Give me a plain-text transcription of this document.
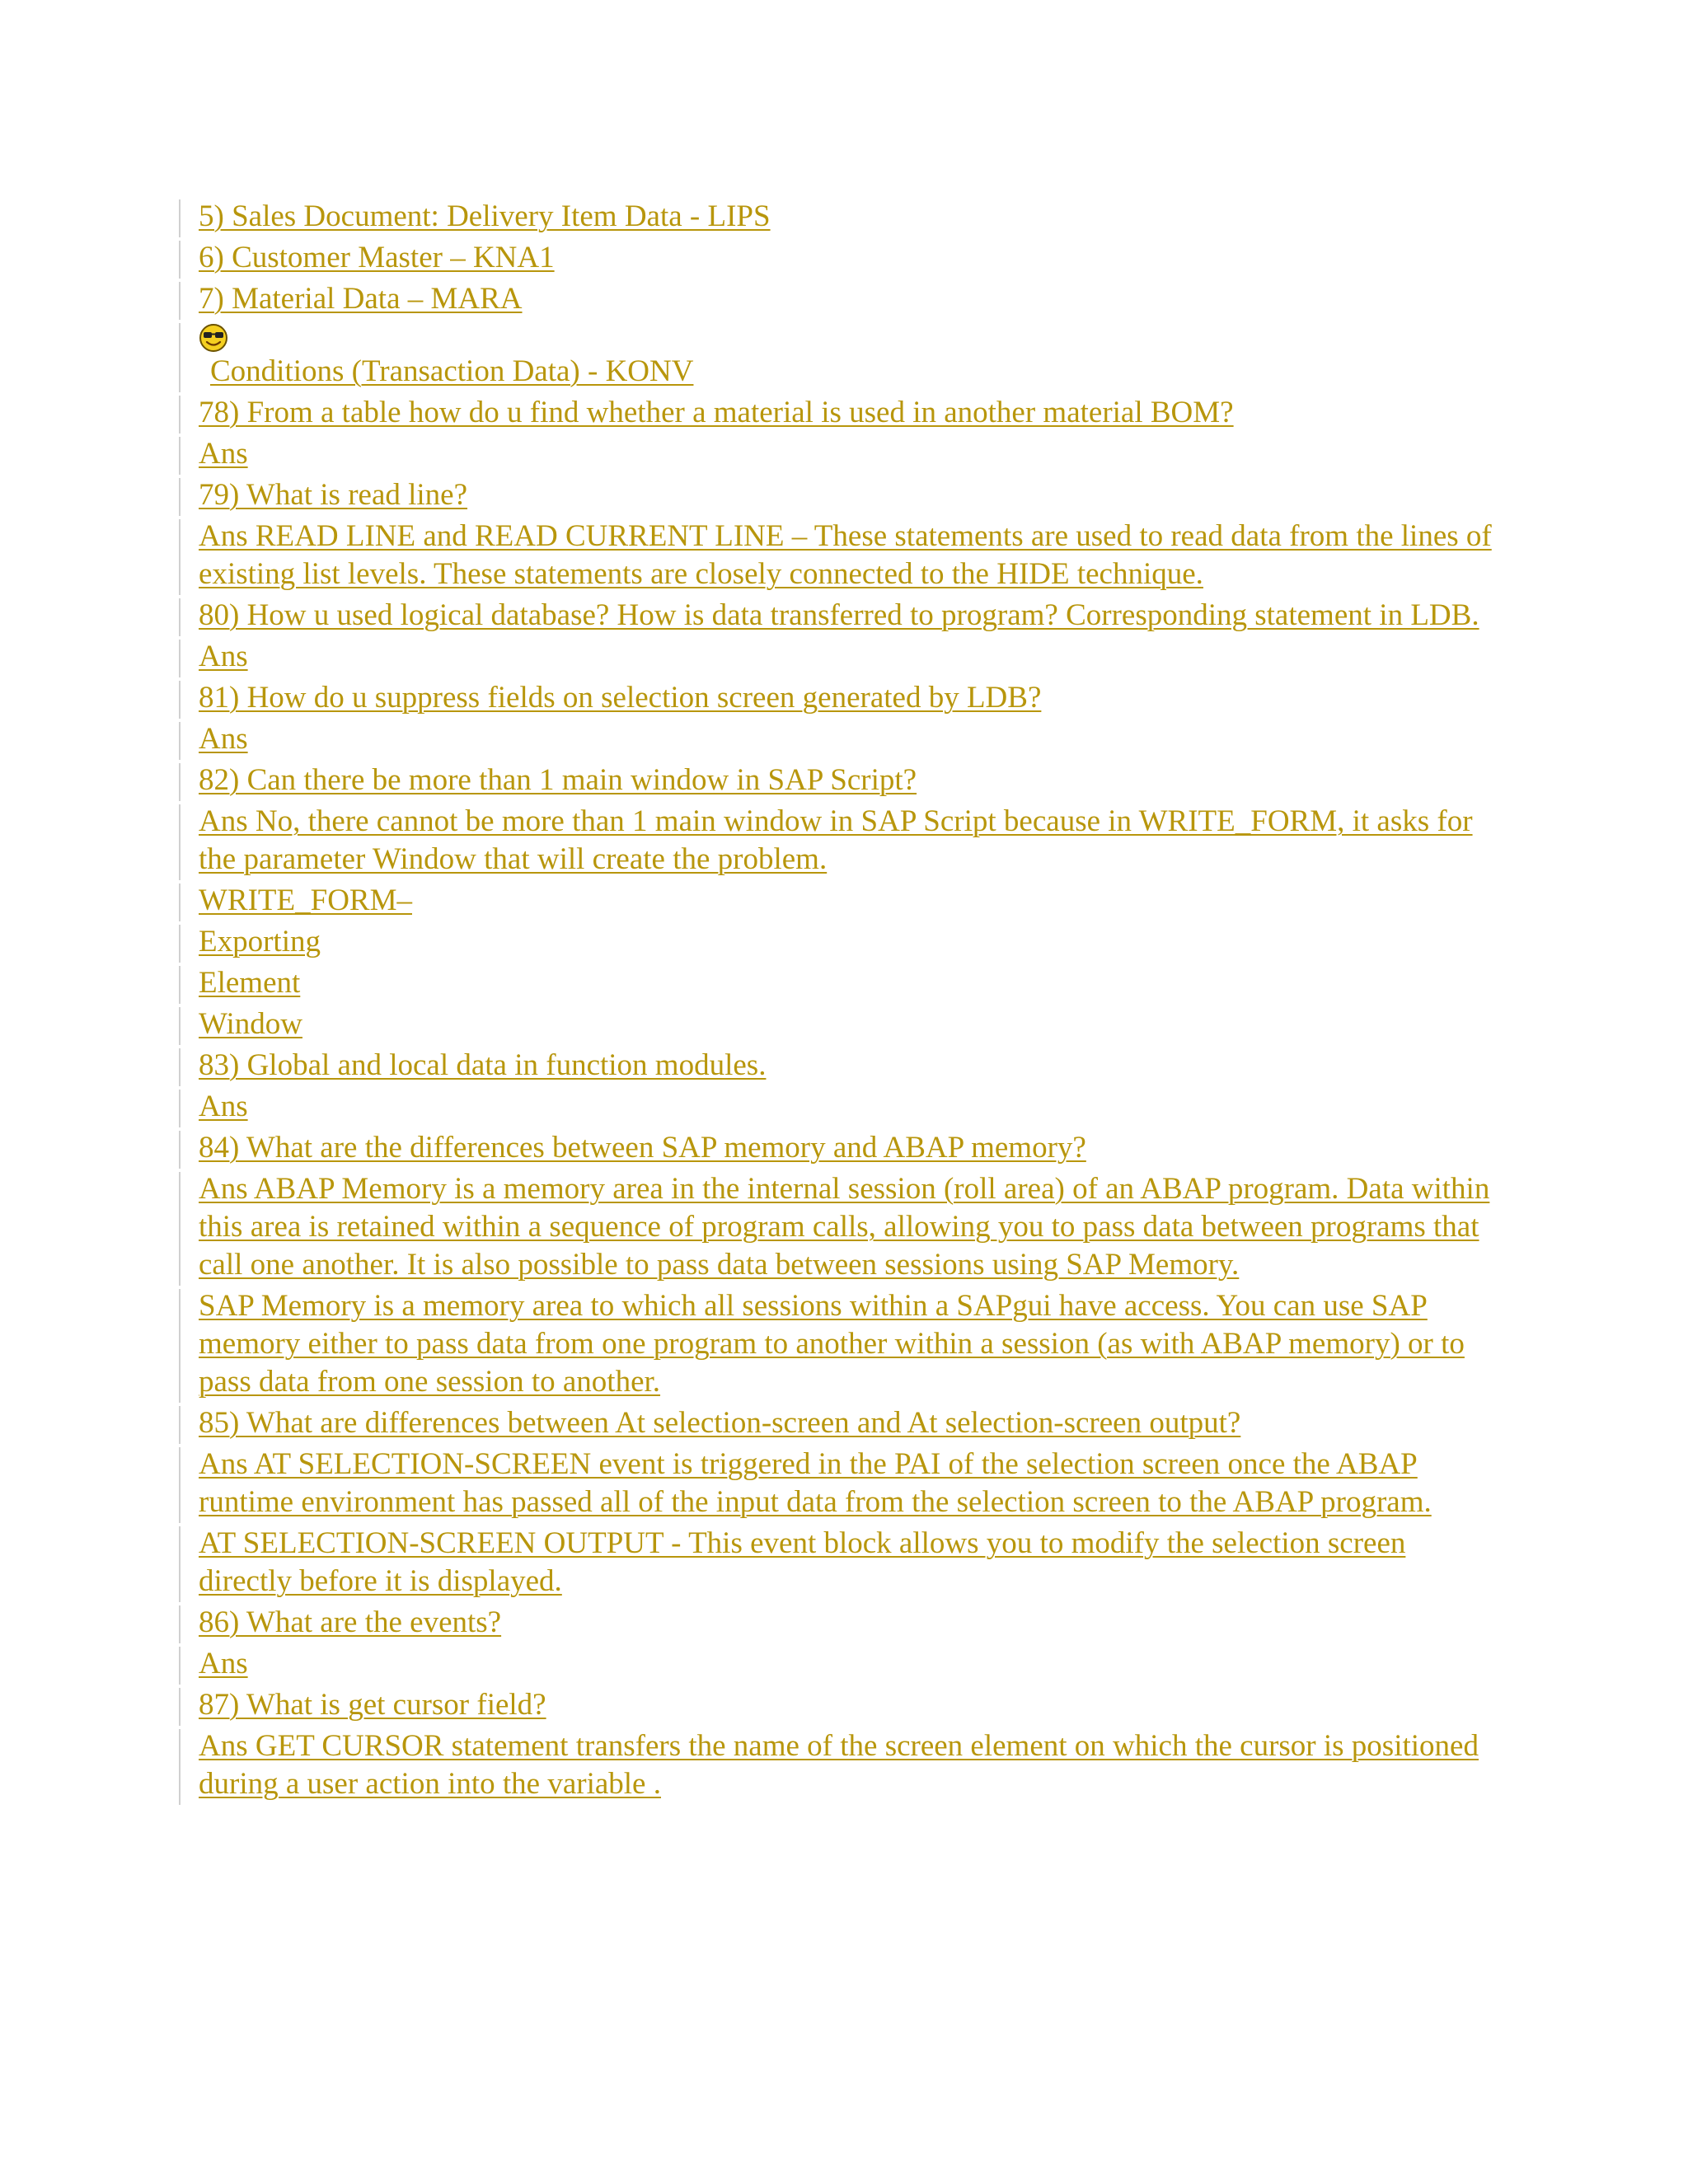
5) Sales Document: Delivery Item Data - LIPS
6) Customer Master – KNA1
7) Material Data – MARA
Conditions (Transaction Data) - KONV
78) From a table how do u find whether a material is used in another material BOM?
Ans
79) What is read line?
Ans READ LINE and READ CURRENT LINE – These statements are used to read data from the lines of existing list levels. These statements are closely connected to the HIDE technique.
80) How u used logical database? How is data transferred to program? Corresponding statement in LDB.
Ans
81) How do u suppress fields on selection screen generated by LDB?
Ans
82) Can there be more than 1 main window in SAP Script?
Ans No, there cannot be more than 1 main window in SAP Script because in WRITE_FORM, it asks for the parameter Window that will create the problem.
WRITE_FORM–
Exporting
Element
Window
83) Global and local data in function modules.
Ans
84) What are the differences between SAP memory and ABAP memory?
Ans ABAP Memory is a memory area in the internal session (roll area) of an ABAP program. Data within this area is retained within a sequence of program calls, allowing you to pass data between programs that call one another. It is also possible to pass data between sessions using SAP Memory.
SAP Memory is a memory area to which all sessions within a SAPgui have access. You can use SAP memory either to pass data from one program to another within a session (as with ABAP memory) or to pass data from one session to another.
85) What are differences between At selection-screen and At selection-screen output?
Ans AT SELECTION-SCREEN event is triggered in the PAI of the selection screen once the ABAP runtime environment has passed all of the input data from the selection screen to the ABAP program.
AT SELECTION-SCREEN OUTPUT - This event block allows you to modify the selection screen directly before it is displayed.
86) What are the events?
Ans
87) What is get cursor field?
Ans GET CURSOR statement transfers the name of the screen element on which the cursor is positioned during a user action into the variable .
